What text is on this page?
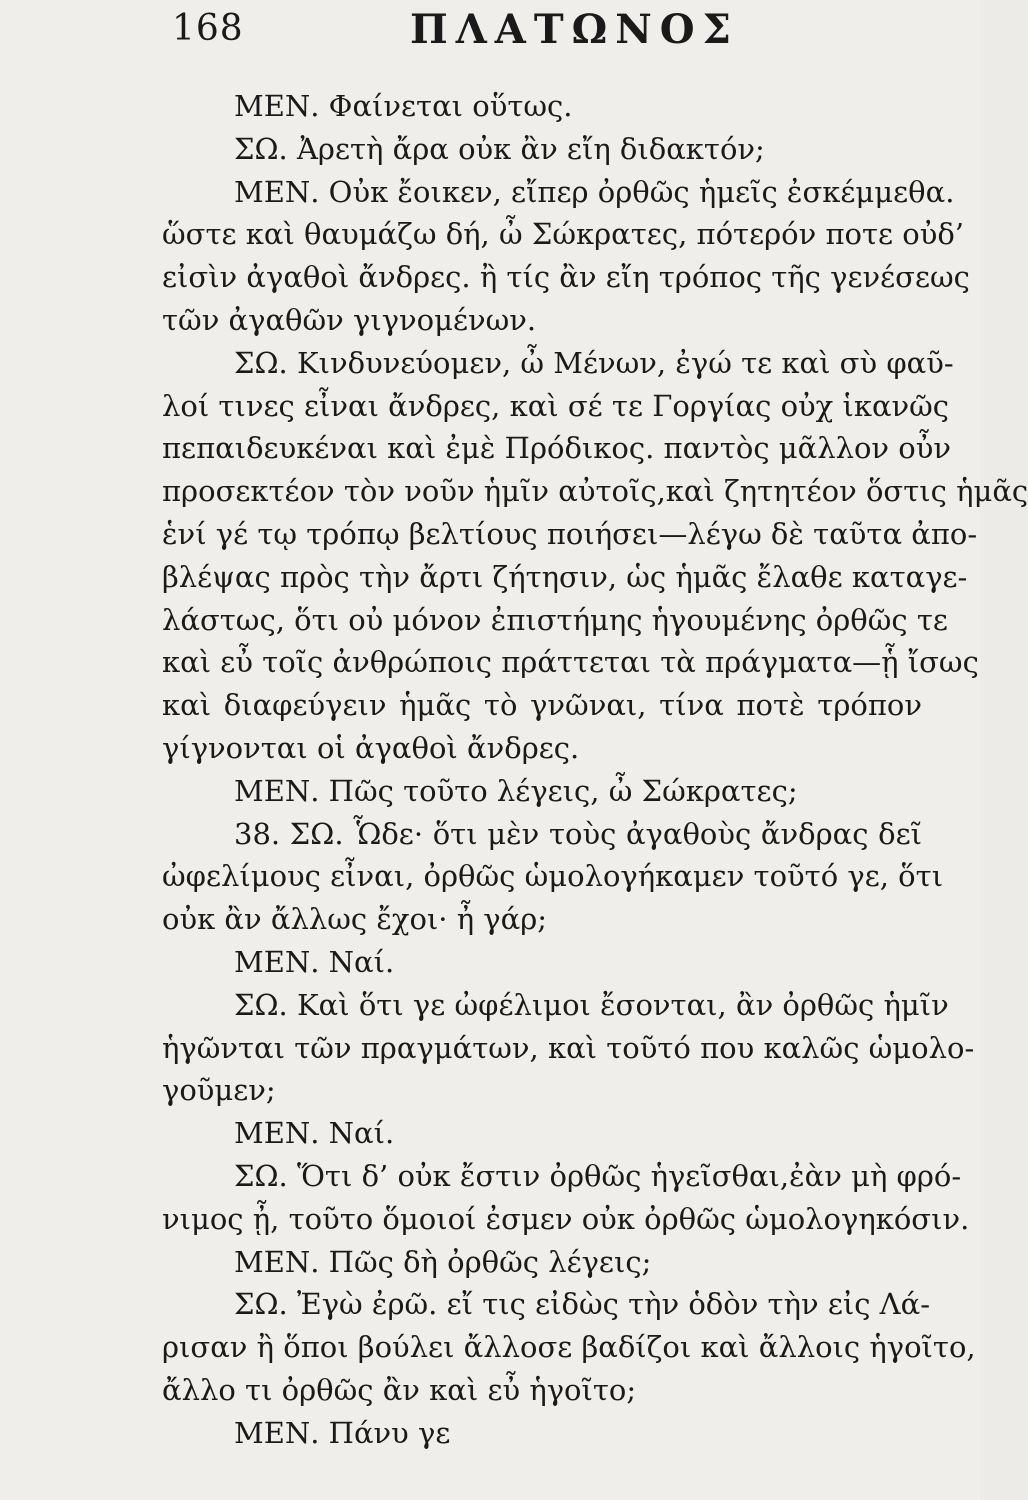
168	ΠΛΑΤΩΝΟΣ
ΜΕΝ. Φαίνεται οὕτως.
ΣΩ. Ἀρετὴ ἄρα οὐκ ἂν εἴη διδακτόν;
ΜΕΝ. Οὐκ ἔοικεν, εἴπερ ὀρθῶς ἡμεῖς ἐσκέμμεθα.
ὥστε καὶ θαυμάζω δή, ὦ Σώκρατες, πότερόν ποτε οὐδ’
εἰσὶν ἀγαθοὶ ἄνδρες. ἢ τίς ἂν εἴη τρόπος τῆς γενέσεως
τῶν ἀγαθῶν γιγνομένων.
ΣΩ. Κινδυνεύομεν, ὦ Μένων, ἐγώ τε καὶ σὺ φαῦ-
λοί τινες εἶναι ἄνδρες, καὶ σέ τε Γοργίας οὐχ ἱκανῶς
πεπαιδευκέναι καὶ ἐμὲ Πρόδικος. παντὸς μᾶλλον οὖν
προσεκτέον τὸν νοῦν ἡμῖν αὐτοῖς,καὶ ζητητέον ὅστις ἡμᾶς
ἑνί γέ τῳ τρόπῳ βελτίους ποιήσει—λέγω δὲ ταῦτα ἀπο-
βλέψας πρὸς τὴν ἄρτι ζήτησιν, ὡς ἡμᾶς ἔλαθε καταγε-
λάστως, ὅτι οὐ μόνον ἐπιστήμης ἡγουμένης ὀρθῶς τε
καὶ εὖ τοῖς ἀνθρώποις πράττεται τὰ πράγματα—ᾗ ἴσως
καὶ διαφεύγειν ἡμᾶς τὸ γνῶναι, τίνα ποτὲ τρόπον
γίγνονται οἱ ἀγαθοὶ ἄνδρες.
ΜΕΝ. Πῶς τοῦτο λέγεις, ὦ Σώκρατες;
38. ΣΩ. Ὧδε· ὅτι μὲν τοὺς ἀγαθοὺς ἄνδρας δεῖ
ὠφελίμους εἶναι, ὀρθῶς ὡμολογήκαμεν τοῦτό γε, ὅτι
οὐκ ἂν ἄλλως ἔχοι· ἦ γάρ;
ΜΕΝ. Ναί.
ΣΩ. Καὶ ὅτι γε ὠφέλιμοι ἔσονται, ἂν ὀρθῶς ἡμῖν
ἡγῶνται τῶν πραγμάτων, καὶ τοῦτό που καλῶς ὡμολο-
γοῦμεν;
ΜΕΝ. Ναί.
ΣΩ. Ὅτι δ’ οὐκ ἔστιν ὀρθῶς ἡγεῖσθαι,ἐὰν μὴ φρό-
νιμος ᾖ, τοῦτο ὅμοιοί ἐσμεν οὐκ ὀρθῶς ὡμολογηκόσιν.
ΜΕΝ. Πῶς δὴ ὀρθῶς λέγεις;
ΣΩ. Ἐγὼ ἐρῶ. εἴ τις εἰδὼς τὴν ὁδὸν τὴν εἰς Λά-
ρισαν ἢ ὅποι βούλει ἄλλοσε βαδίζοι καὶ ἄλλοις ἡγοῖτο,
ἄλλο τι ὀρθῶς ἂν καὶ εὖ ἡγοῖτο;
ΜΕΝ. Πάνυ γε
